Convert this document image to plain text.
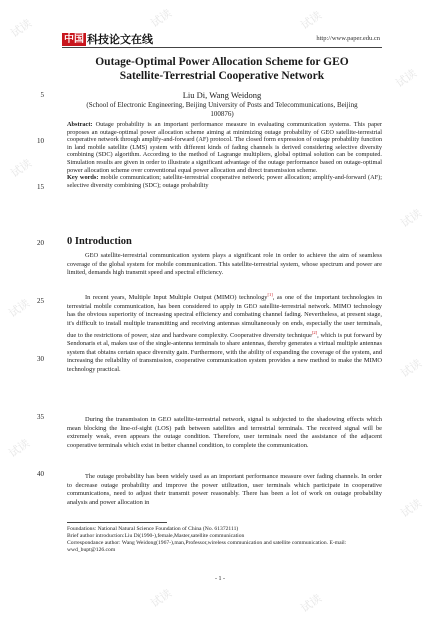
试读	试读	试读
试读
试读
试读
试读
试读
试读
试读
试读	试读
中国 科技论文在线	http://www.paper.edu.cn
Outage-Optimal Power Allocation Scheme for GEO
Satellite-Terrestrial Cooperative Network
Liu Di, Wang Weidong
(School of Electronic Engineering, Beijing University of Posts and Telecommunications, Beijing
100876)
5
10
15
20
25
30
35
40
Abstract: Outage probability is an important performance measure in evaluating communication systems. This paper proposes an outage-optimal power allocation scheme aiming at minimizing outage probability of GEO satellite-terrestrial cooperative network through amplify-and-forward (AF) protocol. The closed form expression of outage probability function in land mobile satellite (LMS) system with different kinds of fading channels is derived considering selective diversity combining (SDC) algorithm. According to the method of Lagrange multipliers, global optimal solution can be computed. Simulation results are given in order to illustrate a significant advantage of the outage performance based on outage-optimal power allocation scheme over conventional equal power allocation and direct transmission scheme.
Key words: mobile communication; satellite-terrestrial cooperative network; power allocation; amplify-and-forward (AF); selective diversity combining (SDC); outage probability
0 Introduction
GEO satellite-terrestrial communication system plays a significant role in order to achieve the aim of seamless coverage of the global system for mobile communication. This satellite-terrestrial system, whose spectrum and power are limited, demands high transmit speed and spectral efficiency.
In recent years, Multiple Input Multiple Output (MIMO) technology[1], as one of the important technologies in terrestrial mobile communication, has been considered to apply in GEO satellite-terrestrial network. MIMO technology has the obvious superiority of increasing spectral efficiency and combating channel fading. Nevertheless, at present stage, it's difficult to install multiple transmitting and receiving antennas simultaneously on ends, especially the user terminals, due to the restrictions of power, size and hardware complexity. Cooperative diversity technique[2], which is put forward by Sendonaris et al, makes use of the single-antenna terminals to share antennas, thereby generates a virtual multiple antennas system that obtains certain space diversity gain. Furthermore, with the ability of expanding the coverage of the system, and increasing the reliability of transmission, cooperative communication system provides a new method to make the MIMO technology practical.
During the transmission in GEO satellite-terrestrial network, signal is subjected to the shadowing effects which mean blocking the line-of-sight (LOS) path between satellites and terrestrial terminals. The received signal will be extremely weak, even appears the outage condition. Therefore, user terminals need the assistance of the adjacent cooperative terminals which exist in better channel condition, to complete the communication.
The outage probability has been widely used as an important performance measure over fading channels. In order to decrease outage probability and improve the power utilization, user terminals which participate in cooperative communications, need to adjust their transmit power reasonably. There has been a lot of work on outage probability analysis and power allocation in
Foundations: National Natural Science Foundation of China (No. 61372111)
Brief author introduction:Liu Di(1990-),female,Master,satellite communication
Correspondance author: Wang Weidong(1967-),man,Professor,wireless communication and satellite communication. E-mail: wwd_bupt@126.com
- 1 -
